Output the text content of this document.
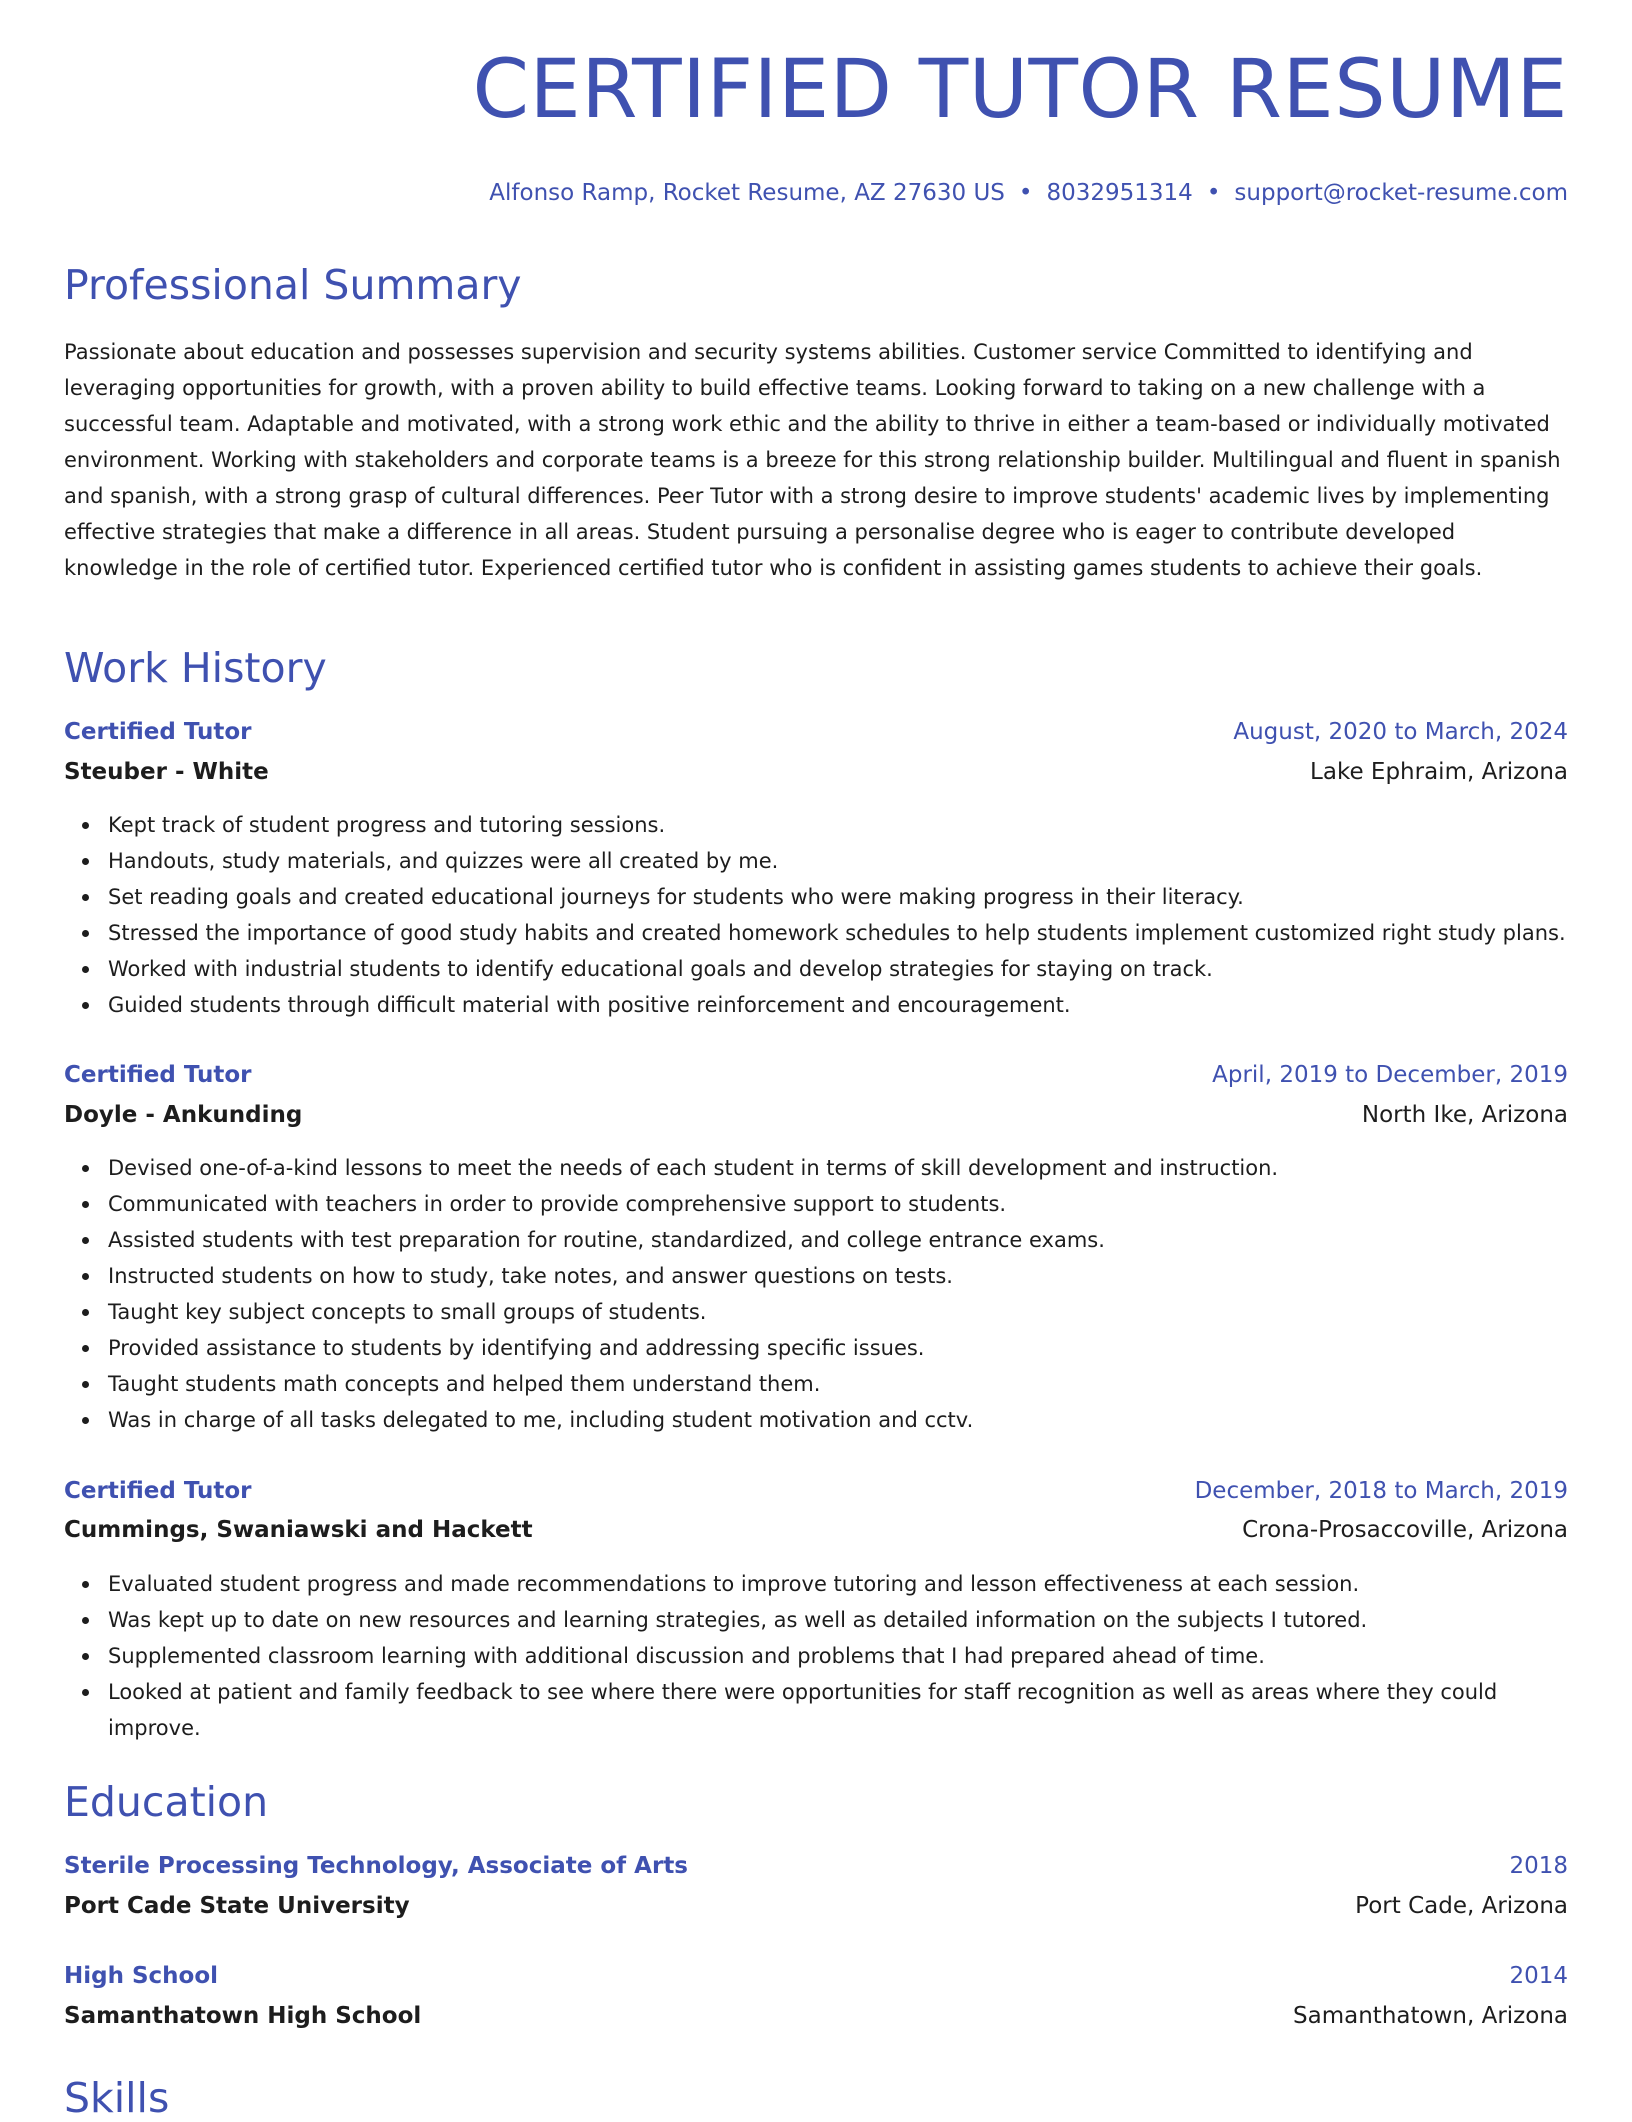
CERTIFIED TUTOR RESUME
Alfonso Ramp, Rocket Resume, AZ 27630 US • 8032951314 • support@rocket-resume.com
Professional Summary

Passionate about education and possesses supervision and security systems abilities. Customer service Committed to identifying and leveraging opportunities for growth, with a proven ability to build effective teams. Looking forward to taking on a new challenge with a successful team. Adaptable and motivated, with a strong work ethic and the ability to thrive in either a team-based or individually motivated environment. Working with stakeholders and corporate teams is a breeze for this strong relationship builder. Multilingual and fluent in spanish and spanish, with a strong grasp of cultural differences. Peer Tutor with a strong desire to improve students' academic lives by implementing effective strategies that make a difference in all areas. Student pursuing a personalise degree who is eager to contribute developed knowledge in the role of certified tutor. Experienced certified tutor who is confident in assisting games students to achieve their goals.

Work History
Certified Tutor	August, 2020 to March, 2024
Steuber - White	Lake Ephraim, Arizona
Kept track of student progress and tutoring sessions.
Handouts, study materials, and quizzes were all created by me.
Set reading goals and created educational journeys for students who were making progress in their literacy.
Stressed the importance of good study habits and created homework schedules to help students implement customized right study plans.
Worked with industrial students to identify educational goals and develop strategies for staying on track.
Guided students through difficult material with positive reinforcement and encouragement.
Certified Tutor	April, 2019 to December, 2019
Doyle - Ankunding	North Ike, Arizona
Devised one-of-a-kind lessons to meet the needs of each student in terms of skill development and instruction.
Communicated with teachers in order to provide comprehensive support to students.
Assisted students with test preparation for routine, standardized, and college entrance exams.
Instructed students on how to study, take notes, and answer questions on tests.
Taught key subject concepts to small groups of students.
Provided assistance to students by identifying and addressing specific issues.
Taught students math concepts and helped them understand them.
Was in charge of all tasks delegated to me, including student motivation and cctv.
Certified Tutor	December, 2018 to March, 2019
Cummings, Swaniawski and Hackett	Crona-Prosaccoville, Arizona
Evaluated student progress and made recommendations to improve tutoring and lesson effectiveness at each session.
Was kept up to date on new resources and learning strategies, as well as detailed information on the subjects I tutored.
Supplemented classroom learning with additional discussion and problems that I had prepared ahead of time.
Looked at patient and family feedback to see where there were opportunities for staff recognition as well as areas where they could improve.
Education
Sterile Processing Technology, Associate of Arts	2018
Port Cade State University	Port Cade, Arizona
High School	2014
Samanthatown High School	Samanthatown, Arizona
Skills
